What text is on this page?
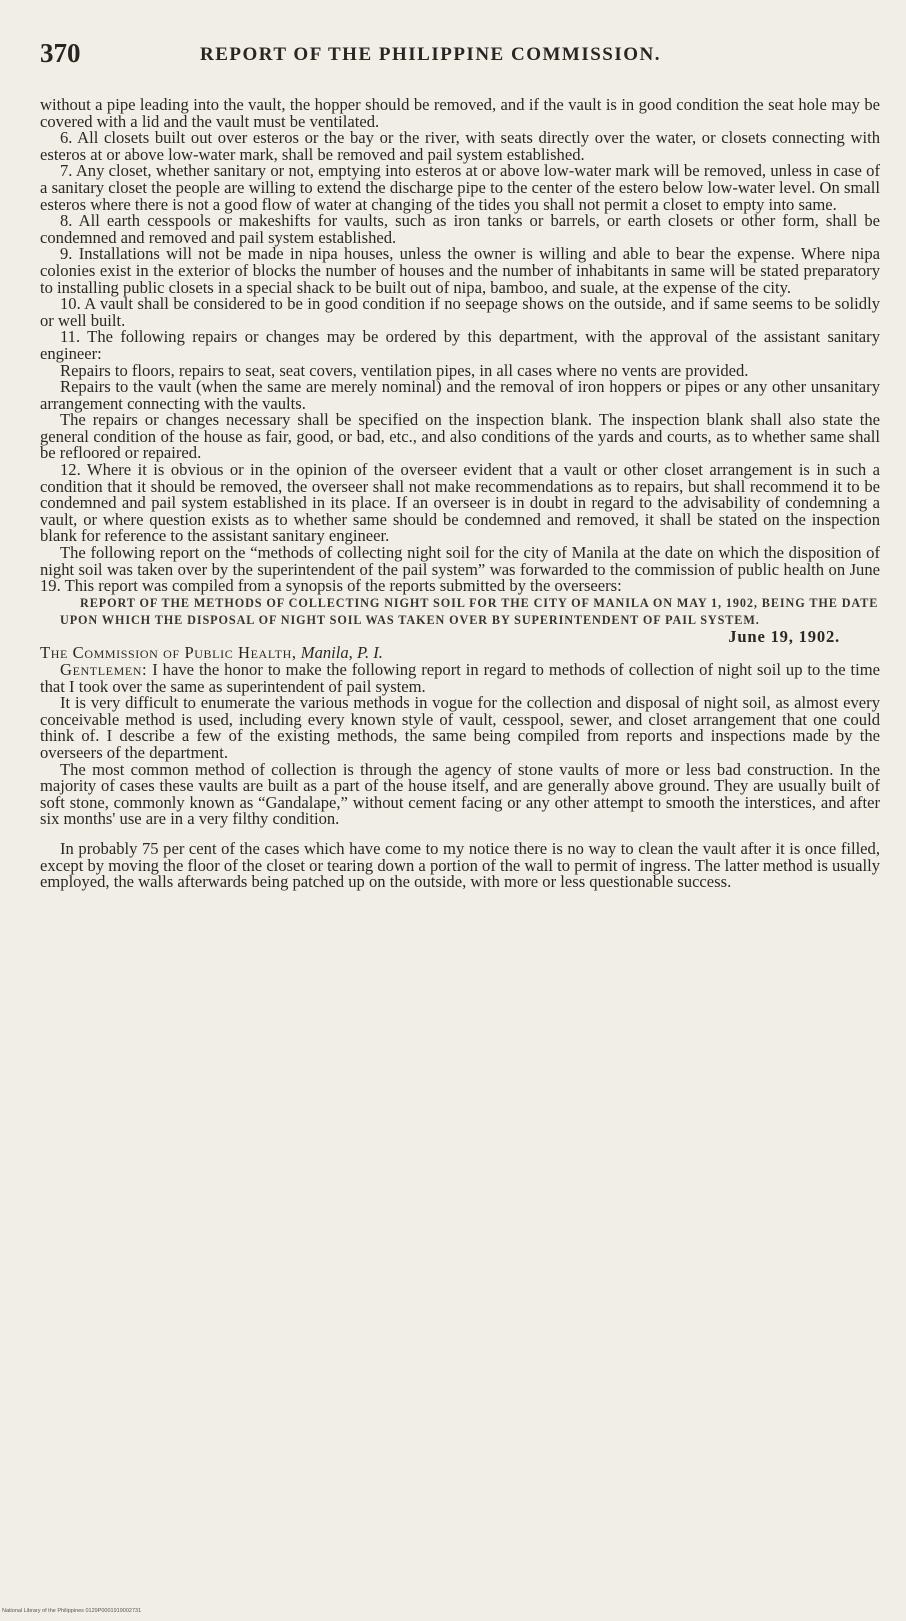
370	REPORT OF THE PHILIPPINE COMMISSION.

without a pipe leading into the vault, the hopper should be removed, and if the vault is in good condition the seat hole may be covered with a lid and the vault must be ventilated.

6. All closets built out over esteros or the bay or the river, with seats directly over the water, or closets connecting with esteros at or above low-water mark, shall be removed and pail system established.

7. Any closet, whether sanitary or not, emptying into esteros at or above low-water mark will be removed, unless in case of a sanitary closet the people are willing to extend the discharge pipe to the center of the estero below low-water level. On small esteros where there is not a good flow of water at changing of the tides you shall not permit a closet to empty into same.

8. All earth cesspools or makeshifts for vaults, such as iron tanks or barrels, or earth closets or other form, shall be condemned and removed and pail system established.

9. Installations will not be made in nipa houses, unless the owner is willing and able to bear the expense. Where nipa colonies exist in the exterior of blocks the number of houses and the number of inhabitants in same will be stated preparatory to installing public closets in a special shack to be built out of nipa, bamboo, and suale, at the expense of the city.

10. A vault shall be considered to be in good condition if no seepage shows on the outside, and if same seems to be solidly or well built.

11. The following repairs or changes may be ordered by this department, with the approval of the assistant sanitary engineer:

Repairs to floors, repairs to seat, seat covers, ventilation pipes, in all cases where no vents are provided.

Repairs to the vault (when the same are merely nominal) and the removal of iron hoppers or pipes or any other unsanitary arrangement connecting with the vaults.

The repairs or changes necessary shall be specified on the inspection blank. The inspection blank shall also state the general condition of the house as fair, good, or bad, etc., and also conditions of the yards and courts, as to whether same shall be refloored or repaired.

12. Where it is obvious or in the opinion of the overseer evident that a vault or other closet arrangement is in such a condition that it should be removed, the overseer shall not make recommendations as to repairs, but shall recommend it to be condemned and pail system established in its place. If an overseer is in doubt in regard to the advisability of condemning a vault, or where question exists as to whether same should be condemned and removed, it shall be stated on the inspection blank for reference to the assistant sanitary engineer.

The following report on the “methods of collecting night soil for the city of Manila at the date on which the disposition of night soil was taken over by the superintendent of the pail system” was forwarded to the commission of public health on June 19. This report was compiled from a synopsis of the reports submitted by the overseers:

REPORT OF THE METHODS OF COLLECTING NIGHT SOIL FOR THE CITY OF MANILA ON MAY 1, 1902, BEING THE DATE UPON WHICH THE DISPOSAL OF NIGHT SOIL WAS TAKEN OVER BY SUPERINTENDENT OF PAIL SYSTEM.

June 19, 1902.

The Commission of Public Health, Manila, P. I.

Gentlemen: I have the honor to make the following report in regard to methods of collection of night soil up to the time that I took over the same as superintendent of pail system.

It is very difficult to enumerate the various methods in vogue for the collection and disposal of night soil, as almost every conceivable method is used, including every known style of vault, cesspool, sewer, and closet arrangement that one could think of. I describe a few of the existing methods, the same being compiled from reports and inspections made by the overseers of the department.

The most common method of collection is through the agency of stone vaults of more or less bad construction. In the majority of cases these vaults are built as a part of the house itself, and are generally above ground. They are usually built of soft stone, commonly known as “Gandalape,” without cement facing or any other attempt to smooth the interstices, and after six months' use are in a very filthy condition.

In probably 75 per cent of the cases which have come to my notice there is no way to clean the vault after it is once filled, except by moving the floor of the closet or tearing down a portion of the wall to permit of ingress. The latter method is usually employed, the walls afterwards being patched up on the outside, with more or less questionable success.

National Library of the Philippines 0129P0001919002731
